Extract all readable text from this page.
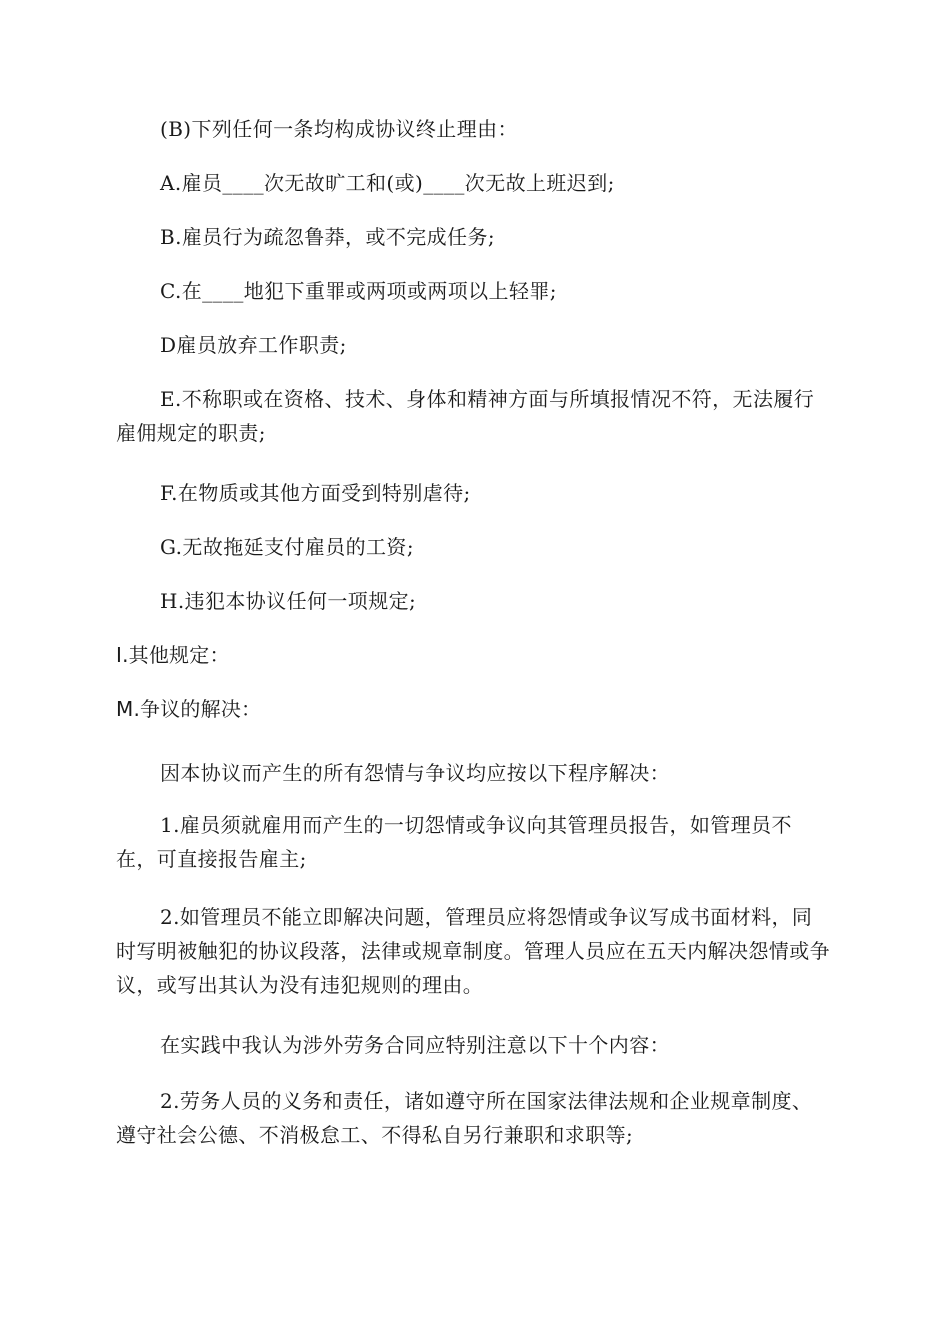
(B)下列任何一条均构成协议终止理由：

A.雇员____次无故旷工和(或)____次无故上班迟到;

B.雇员行为疏忽鲁莽，或不完成任务;

C.在____地犯下重罪或两项或两项以上轻罪;

D雇员放弃工作职责;

E.不称职或在资格、技术、身体和精神方面与所填报情况不符，无法履行雇佣规定的职责;

F.在物质或其他方面受到特别虐待;

G.无故拖延支付雇员的工资;

H.违犯本协议任何一项规定;

I.其他规定：

M.争议的解决：

因本协议而产生的所有怨情与争议均应按以下程序解决：

1.雇员须就雇用而产生的一切怨情或争议向其管理员报告，如管理员不在，可直接报告雇主;

2.如管理员不能立即解决问题，管理员应将怨情或争议写成书面材料，同时写明被触犯的协议段落，法律或规章制度。管理人员应在五天内解决怨情或争议，或写出其认为没有违犯规则的理由。

在实践中我认为涉外劳务合同应特别注意以下十个内容：

2.劳务人员的义务和责任，诸如遵守所在国家法律法规和企业规章制度、遵守社会公德、不消极怠工、不得私自另行兼职和求职等;
